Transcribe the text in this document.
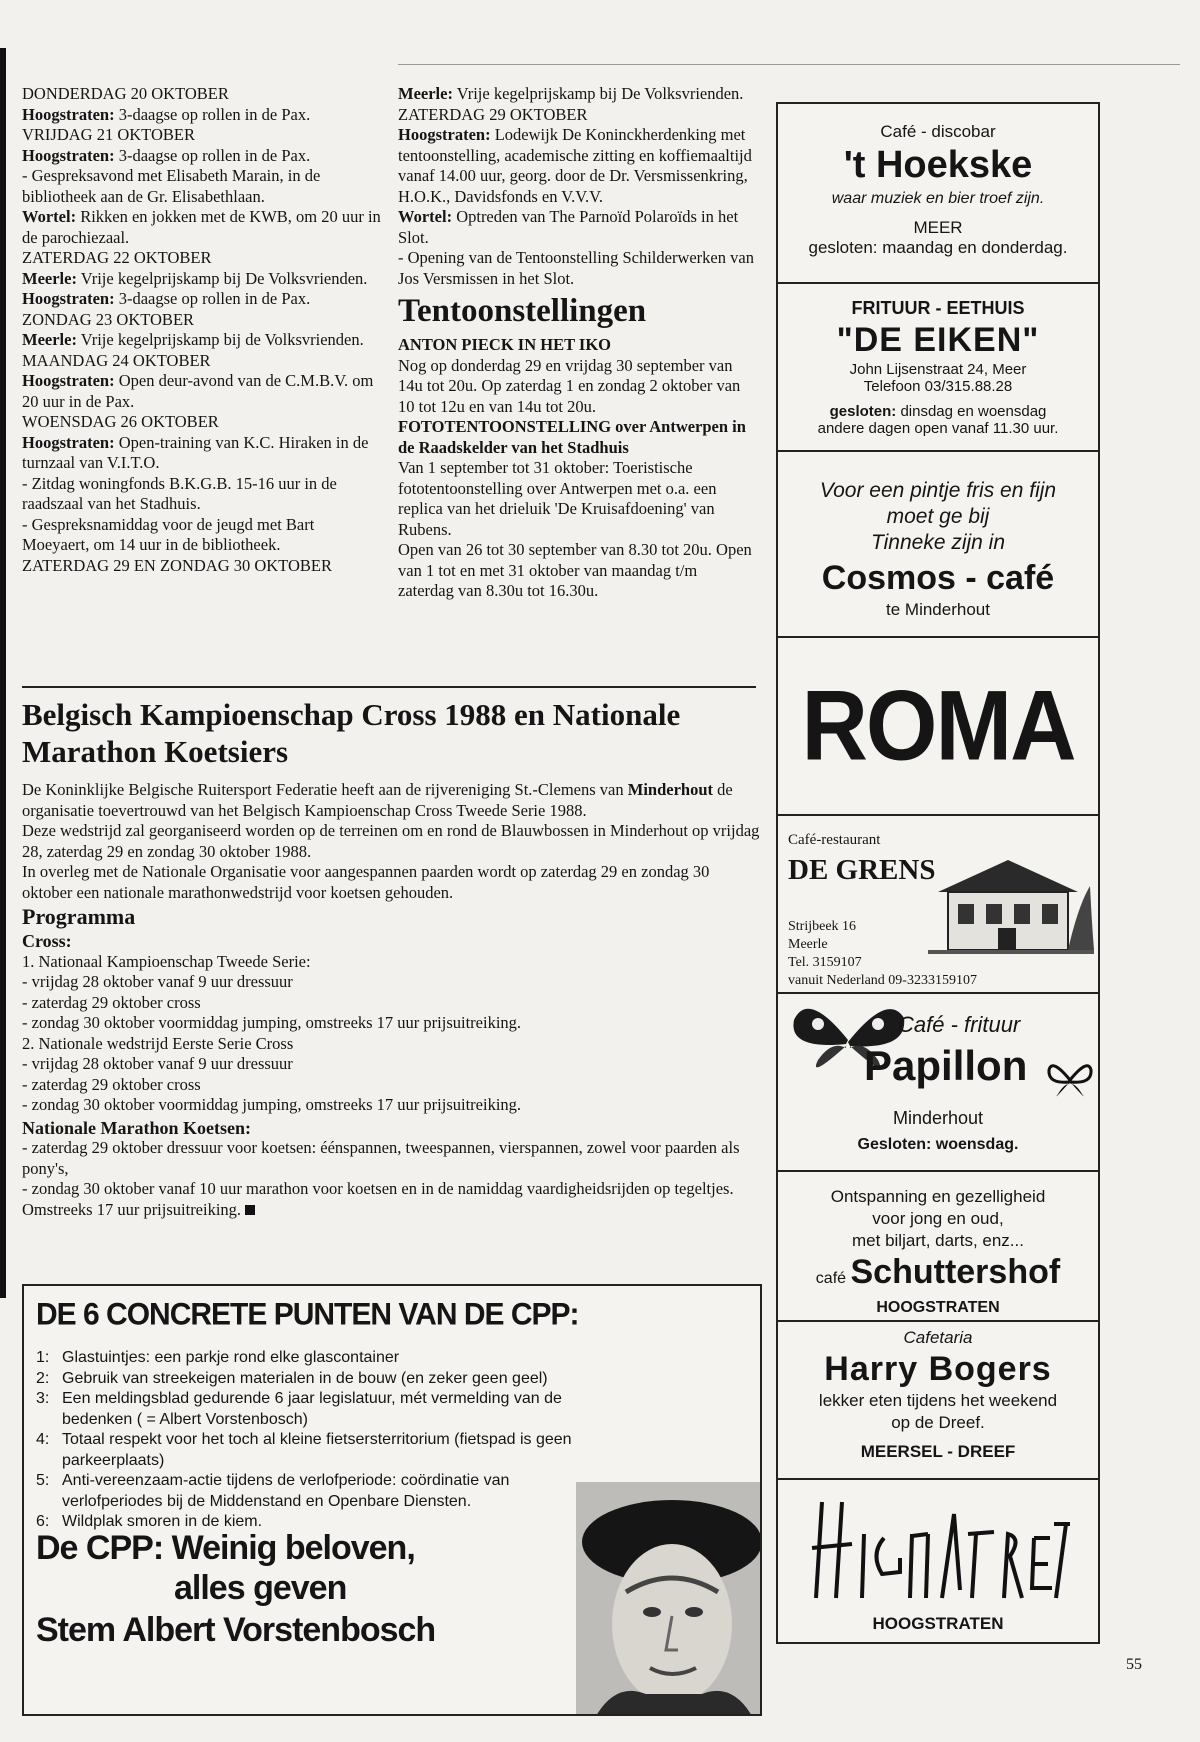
DONDERDAG 20 OKTOBER

Hoogstraten: 3-daagse op rollen in de Pax.

VRIJDAG 21 OKTOBER

Hoogstraten: 3-daagse op rollen in de Pax.

- Gespreksavond met Elisabeth Marain, in de bibliotheek aan de Gr. Elisabethlaan.

Wortel: Rikken en jokken met de KWB, om 20 uur in de parochiezaal.

ZATERDAG 22 OKTOBER

Meerle: Vrije kegelprijskamp bij De Volksvrienden.

Hoogstraten: 3-daagse op rollen in de Pax.

ZONDAG 23 OKTOBER

Meerle: Vrije kegelprijskamp bij de Volksvrienden.

MAANDAG 24 OKTOBER

Hoogstraten: Open deur-avond van de C.M.B.V. om 20 uur in de Pax.

WOENSDAG 26 OKTOBER

Hoogstraten: Open-training van K.C. Hiraken in de turnzaal van V.I.T.O.

- Zitdag woningfonds B.K.G.B. 15-16 uur in de raadszaal van het Stadhuis.

- Gespreksnamiddag voor de jeugd met Bart Moeyaert, om 14 uur in de bibliotheek.

ZATERDAG 29 EN ZONDAG 30 OKTOBER

Meerle: Vrije kegelprijskamp bij De Volksvrienden.

ZATERDAG 29 OKTOBER

Hoogstraten: Lodewijk De Koninckherdenking met tentoonstelling, academische zitting en koffiemaaltijd vanaf 14.00 uur, georg. door de Dr. Versmissenkring, H.O.K., Davidsfonds en V.V.V.

Wortel: Optreden van The Parnoïd Polaroïds in het Slot.

- Opening van de Tentoonstelling Schilderwerken van Jos Versmissen in het Slot.

Tentoonstellingen

ANTON PIECK IN HET IKO

Nog op donderdag 29 en vrijdag 30 september van 14u tot 20u. Op zaterdag 1 en zondag 2 oktober van 10 tot 12u en van 14u tot 20u.

FOTOTENTOONSTELLING over Antwerpen in de Raadskelder van het Stadhuis

Van 1 september tot 31 oktober: Toeristische fototentoonstelling over Antwerpen met o.a. een replica van het drieluik 'De Kruisafdoening' van Rubens.

Open van 26 tot 30 september van 8.30 tot 20u. Open van 1 tot en met 31 oktober van maandag t/m zaterdag van 8.30u tot 16.30u.

Belgisch Kampioenschap Cross 1988 en Nationale Marathon Koetsiers

De Koninklijke Belgische Ruitersport Federatie heeft aan de rijvereniging St.-Clemens van Minderhout de organisatie toevertrouwd van het Belgisch Kampioenschap Cross Tweede Serie 1988.

Deze wedstrijd zal georganiseerd worden op de terreinen om en rond de Blauwbossen in Minderhout op vrijdag 28, zaterdag 29 en zondag 30 oktober 1988.

In overleg met de Nationale Organisatie voor aangespannen paarden wordt op zaterdag 29 en zondag 30 oktober een nationale marathonwedstrijd voor koetsen gehouden.

Programma

Cross:

1. Nationaal Kampioenschap Tweede Serie:

- vrijdag 28 oktober vanaf 9 uur dressuur

- zaterdag 29 oktober cross

- zondag 30 oktober voormiddag jumping, omstreeks 17 uur prijsuitreiking.

2. Nationale wedstrijd Eerste Serie Cross

- vrijdag 28 oktober vanaf 9 uur dressuur

- zaterdag 29 oktober cross

- zondag 30 oktober voormiddag jumping, omstreeks 17 uur prijsuitreiking.

Nationale Marathon Koetsen:

- zaterdag 29 oktober dressuur voor koetsen: éénspannen, tweespannen, vierspannen, zowel voor paarden als pony's,

- zondag 30 oktober vanaf 10 uur marathon voor koetsen en in de namiddag vaardigheidsrijden op tegeltjes.

Omstreeks 17 uur prijsuitreiking.

DE 6 CONCRETE PUNTEN VAN DE CPP:
1: Glastuintjes: een parkje rond elke glascontainer
2: Gebruik van streekeigen materialen in de bouw (en zeker geen geel)
3: Een meldingsblad gedurende 6 jaar legislatuur, mét vermelding van de bedenken ( = Albert Vorstenbosch)
4: Totaal respekt voor het toch al kleine fietsersterritorium (fietspad is geen parkeerplaats)
5: Anti-vereenzaam-actie tijdens de verlofperiode: coördinatie van verlofperiodes bij de Middenstand en Openbare Diensten.
6: Wildplak smoren in de kiem.
De CPP: Weinig beloven,
alles geven
Stem Albert Vorstenbosch
Café - discobar
't Hoekske
waar muziek en bier troef zijn.
MEER
gesloten: maandag en donderdag.
FRITUUR - EETHUIS
"DE EIKEN"
John Lijsenstraat 24, Meer
Telefoon 03/315.88.28
gesloten: dinsdag en woensdag
andere dagen open vanaf 11.30 uur.
Voor een pintje fris en fijn
moet ge bij
Tinneke zijn in
Cosmos - café
te Minderhout
ROMA
Café-restaurant
DE GRENS
Strijbeek 16
Meerle
Tel. 3159107
vanuit Nederland 09-3233159107
Café - frituur
Papillon
Minderhout
Gesloten: woensdag.
Ontspanning en gezelligheid
voor jong en oud,
met biljart, darts, enz...
café Schuttershof
HOOGSTRATEN
Cafetaria
Harry Bogers
lekker eten tijdens het weekend
op de Dreef.
MEERSEL - DREEF
HOOGSTRATEN
55
